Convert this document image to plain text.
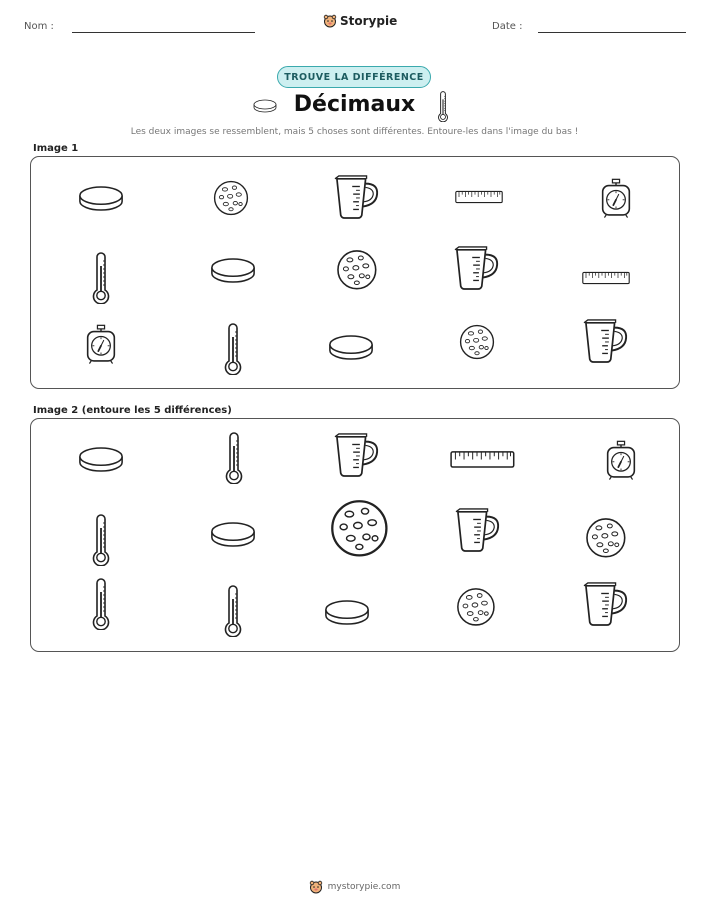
Nom :	Storypie	Date :
TROUVE LA DIFFÉRENCE
Décimaux
Les deux images se ressemblent, mais 5 choses sont différentes. Entoure-les dans l'image du bas !
Image 1
Image 2 (entoure les 5 différences)
mystorypie.com
